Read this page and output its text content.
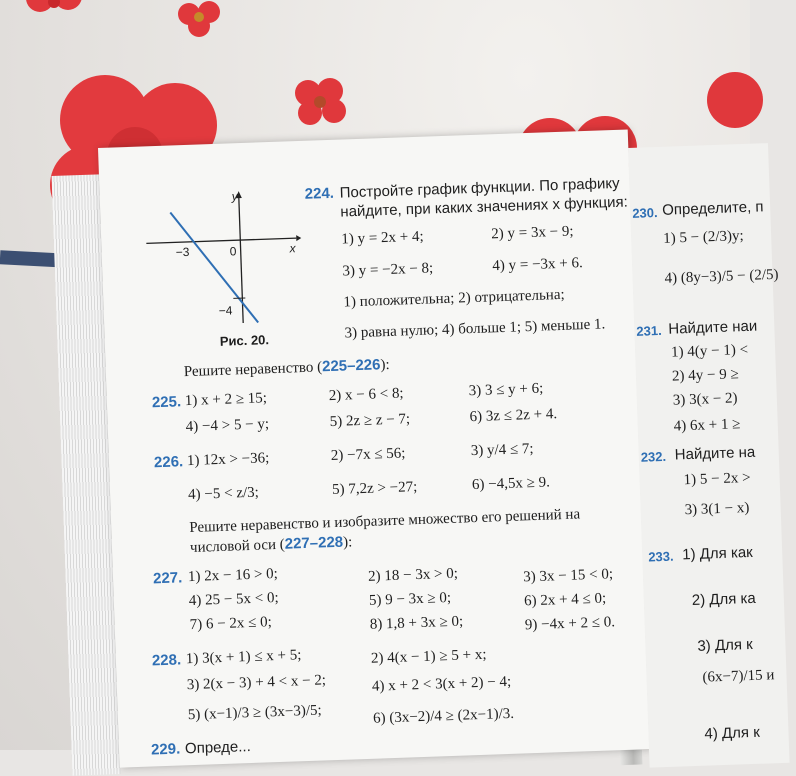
y
x
−3	0
−4
Рис. 20.
224. Постройте график функции. По графику
найдите, при каких значениях x функция:
1) y = 2x + 4;	2) y = 3x − 9;
3) y = −2x − 8;	4) y = −3x + 6.
1) положительна; 2) отрицательна;
3) равна нулю; 4) больше 1; 5) меньше 1.
Решите неравенство (225–226):
225. 1) x + 2 ≥ 15;	2) x − 6 < 8;	3) 3 ≤ y + 6;
4) −4 > 5 − y;	5) 2z ≥ z − 7;	6) 3z ≤ 2z + 4.
226. 1) 12x > −36;	2) −7x ≤ 56;	3) y/4 ≤ 7;
4) −5 < z/3;	5) 7,2z > −27;	6) −4,5x ≥ 9.
Решите неравенство и изобразите множество его решений на
числовой оси (227–228):
227. 1) 2x − 16 > 0;	2) 18 − 3x > 0;	3) 3x − 15 < 0;
4) 25 − 5x < 0;	5) 9 − 3x ≥ 0;	6) 2x + 4 ≤ 0;
7) 6 − 2x ≤ 0;	8) 1,8 + 3x ≥ 0;	9) −4x + 2 ≤ 0.
228. 1) 3(x + 1) ≤ x + 5;	2) 4(x − 1) ≥ 5 + x;
3) 2(x − 3) + 4 < x − 2;	4) x + 2 < 3(x + 2) − 4;
5) (x−1)/3 ≥ (3x−3)/5;	6) (3x−2)/4 ≥ (2x−1)/3.
229. Опреде...
230. Определите, п
1) 5 − (2/3)y;
4) (8y−3)/5 − (2/5)
231. Найдите наи
1) 4(y − 1) <
2) 4y − 9 ≥
3) 3(x − 2)
4) 6x + 1 ≥
232. Найдите на
1) 5 − 2x >
3) 3(1 − x)
233. 1) Для как
2) Для ка
3) Для к
(6x−7)/15 и
4) Для к
